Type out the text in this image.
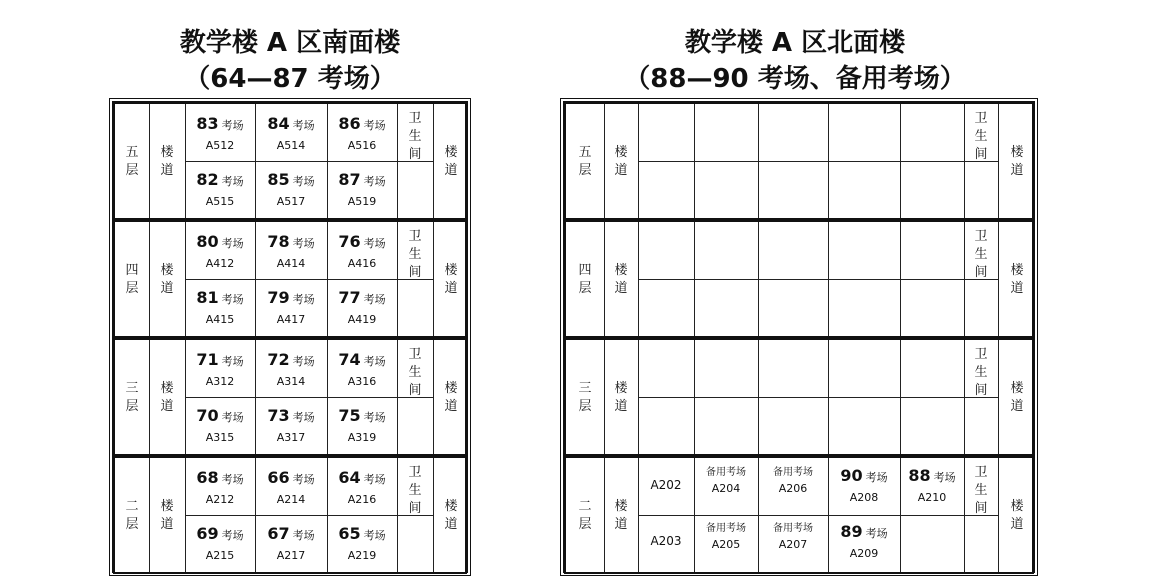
教学楼 A 区南面楼
（64—87 考场）
教学楼 A 区北面楼
（88—90 考场、备用考场）
五
层
楼
道
卫
生
间 楼
道
83 考场
A512
84 考场
A514
86 考场
A516
82 考场
A515
85 考场
A517
87 考场
A519
四
层
楼
道
卫
生
间 楼
道
80 考场
A412
78 考场
A414
76 考场
A416
81 考场
A415
79 考场
A417
77 考场
A419
三
层
楼
道
卫
生
间 楼
道
71 考场
A312
72 考场
A314
74 考场
A316
70 考场
A315
73 考场
A317
75 考场
A319
二
层
楼
道
卫
生
间 楼
道
68 考场
A212
66 考场
A214
64 考场
A216
69 考场
A215
67 考场
A217
65 考场
A219
五
层
楼
道
卫
生
间 楼
道
四
层
楼
道
卫
生
间 楼
道
三
层
楼
道
卫
生
间 楼
道
二
层
楼
道
卫
生
间 楼
道
A202
备用考场
A204
备用考场
A206
90 考场
A208
88 考场
A210
A203
备用考场
A205
备用考场
A207
89 考场
A209
